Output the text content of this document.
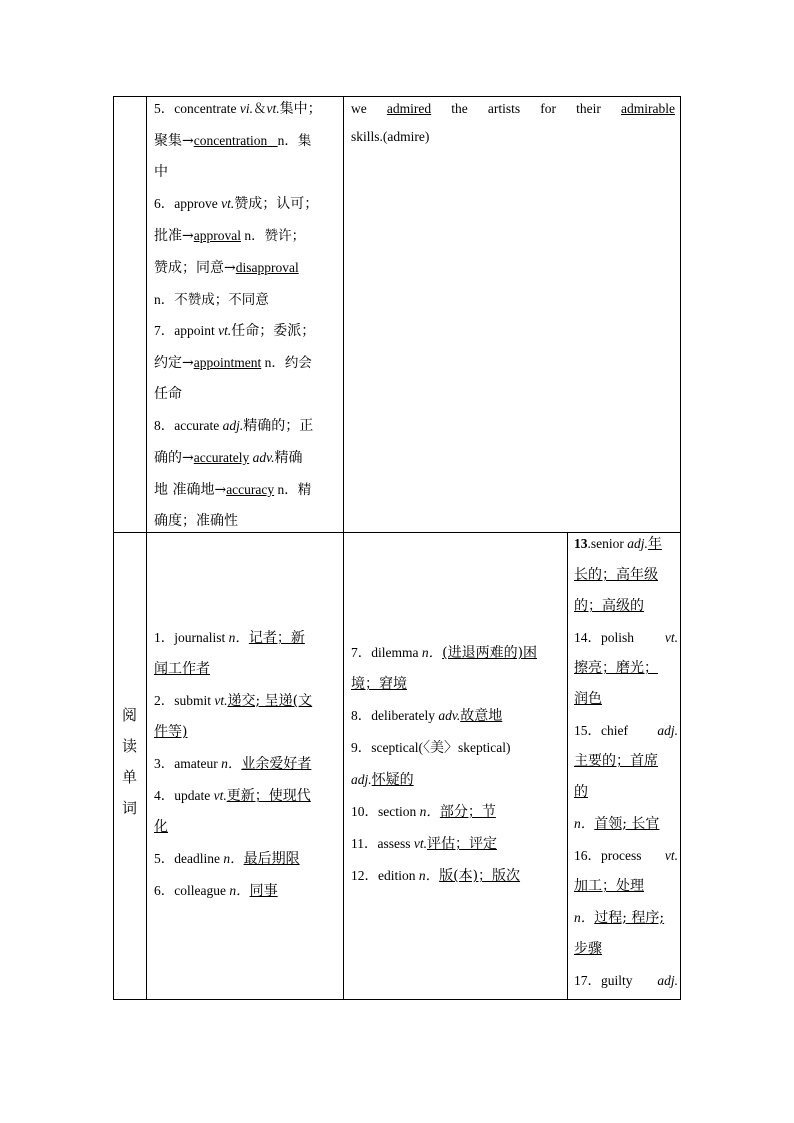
5．concentrate vi.＆vt.集中；
聚集→concentration n．集
中
6．approve vt.赞成；认可；
批准→approval n．赞许；
赞成；同意→disapproval
n．不赞成；不同意
7．appoint vt.任命；委派；
约定→appointment n．约会
任命
8．accurate adj.精确的；正
确的→accurately adv.精确
地 准确地→accuracy n．精
确度；准确性
we admired the artists for their admirable
skills.(admire)
阅
读
单
词
1．journalist n．记者；新
闻工作者
2．submit vt.递交; 呈递(文
件等)
3．amateur n．业余爱好者
4．update vt.更新；使现代
化
5．deadline n．最后期限
6．colleague n．同事
7．dilemma n．(进退两难的)困
境；窘境
8．deliberately adv.故意地
9．sceptical(〈美〉skeptical)
adj.怀疑的
10．section n．部分；节
11．assess vt.评估；评定
12．edition n．版(本)；版次
13.senior adj.年
长的；高年级
的；高级的
14．polish vt.
擦亮；磨光；
润色
15．chief adj.
主要的；首席
的
n．首领; 长官
16．process vt.
加工；处理
n．过程; 程序;
步骤
17．guilty adj.
